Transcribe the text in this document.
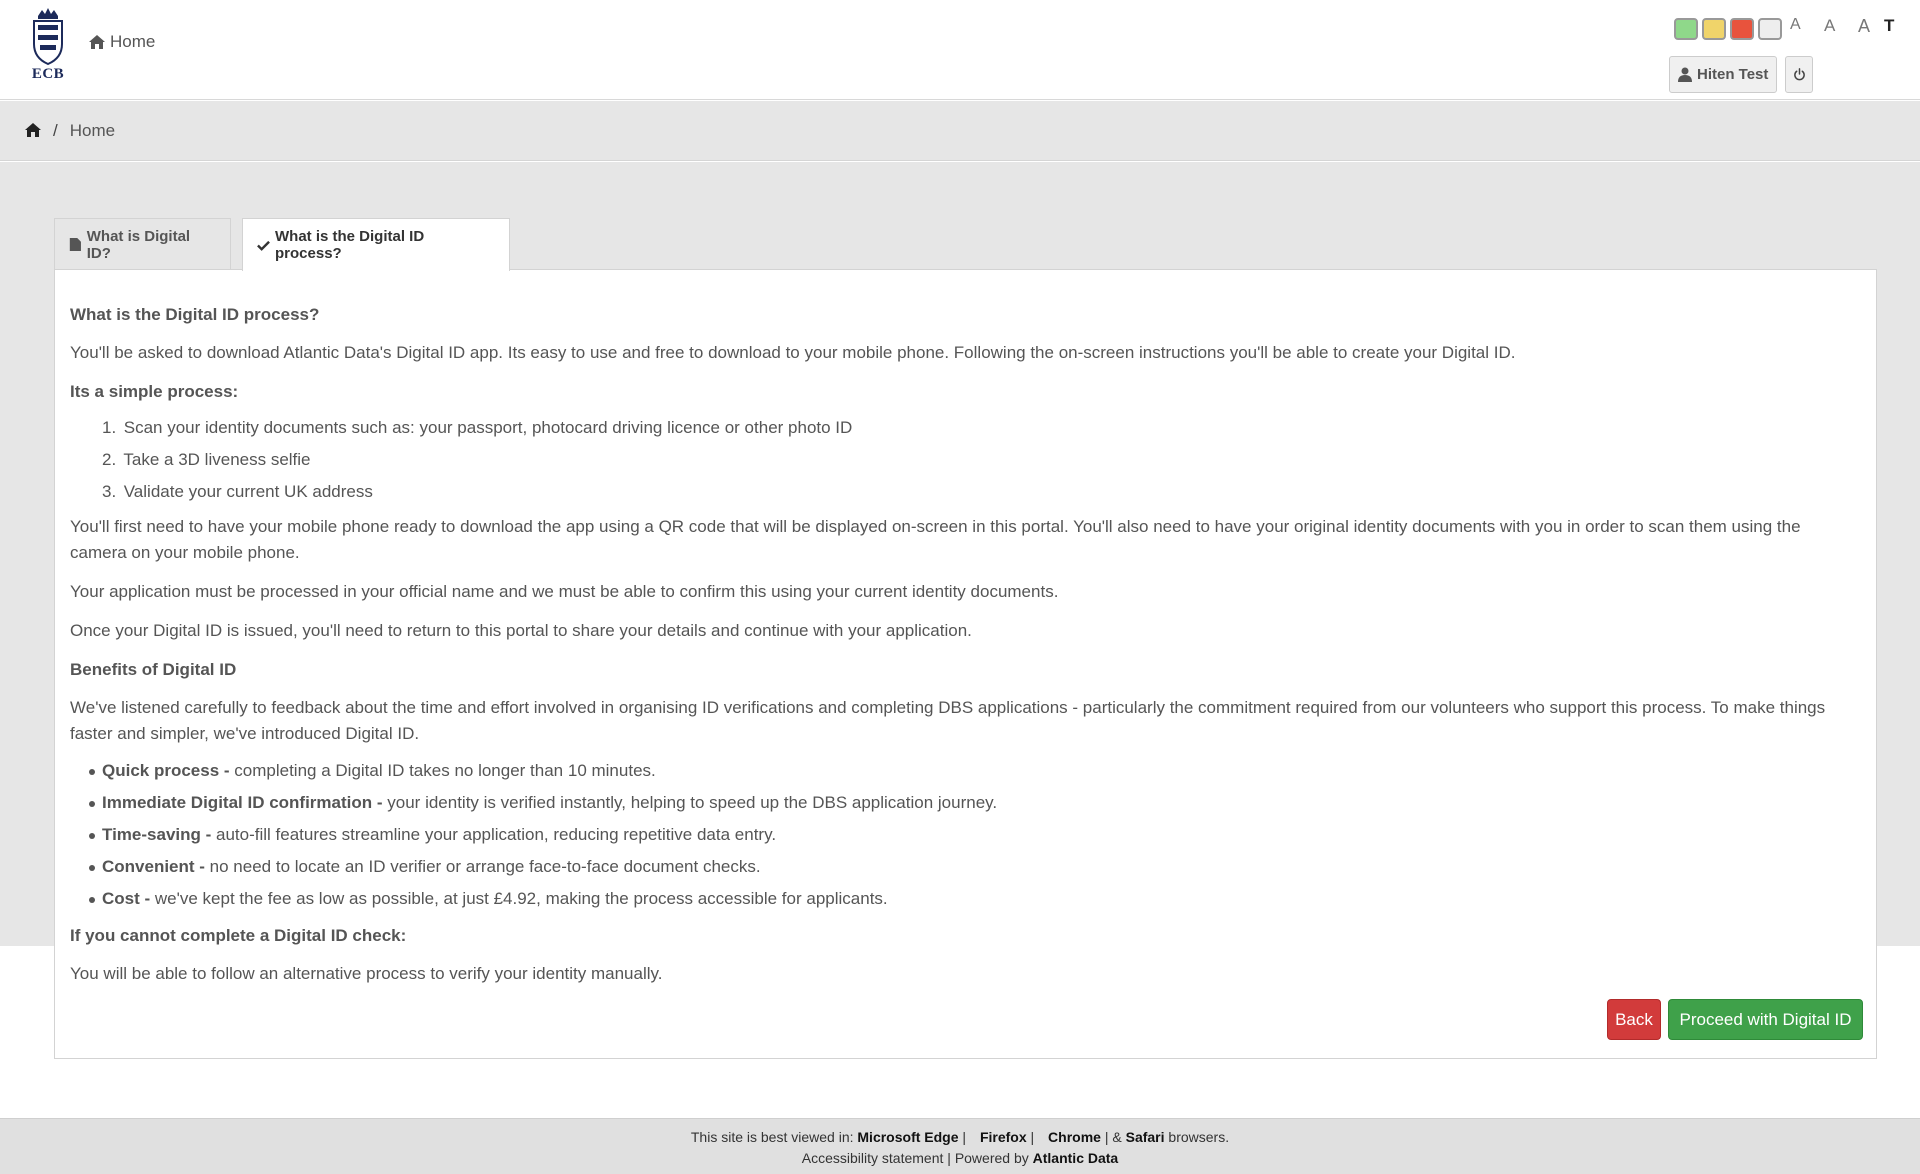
ECB
Home
A	A	A T
Hiten Test
/ Home
What is Digital ID?
What is the Digital ID process?
What is the Digital ID process?

You'll be asked to download Atlantic Data's Digital ID app. Its easy to use and free to download to your mobile phone. Following the on-screen instructions you'll be able to create your Digital ID.

Its a simple process:
1. Scan your identity documents such as: your passport, photocard driving licence or other photo ID
2. Take a 3D liveness selfie
3. Validate your current UK address

You'll first need to have your mobile phone ready to download the app using a QR code that will be displayed on-screen in this portal. You'll also need to have your original identity documents with you in order to scan them using the camera on your mobile phone.

Your application must be processed in your official name and we must be able to confirm this using your current identity documents.

Once your Digital ID is issued, you'll need to return to this portal to share your details and continue with your application.

Benefits of Digital ID

We've listened carefully to feedback about the time and effort involved in organising ID verifications and completing DBS applications - particularly the commitment required from our volunteers who support this process. To make things faster and simpler, we've introduced Digital ID.

Quick process - completing a Digital ID takes no longer than 10 minutes.
Immediate Digital ID confirmation - your identity is verified instantly, helping to speed up the DBS application journey.
Time-saving - auto-fill features streamline your application, reducing repetitive data entry.
Convenient - no need to locate an ID verifier or arrange face-to-face document checks.
Cost - we've kept the fee as low as possible, at just £4.92, making the process accessible for applicants.
If you cannot complete a Digital ID check:

You will be able to follow an alternative process to verify your identity manually.

Back	Proceed with Digital ID
This site is best viewed in: Microsoft Edge | Firefox | Chrome | & Safari browsers.
Accessibility statement | Powered by Atlantic Data
